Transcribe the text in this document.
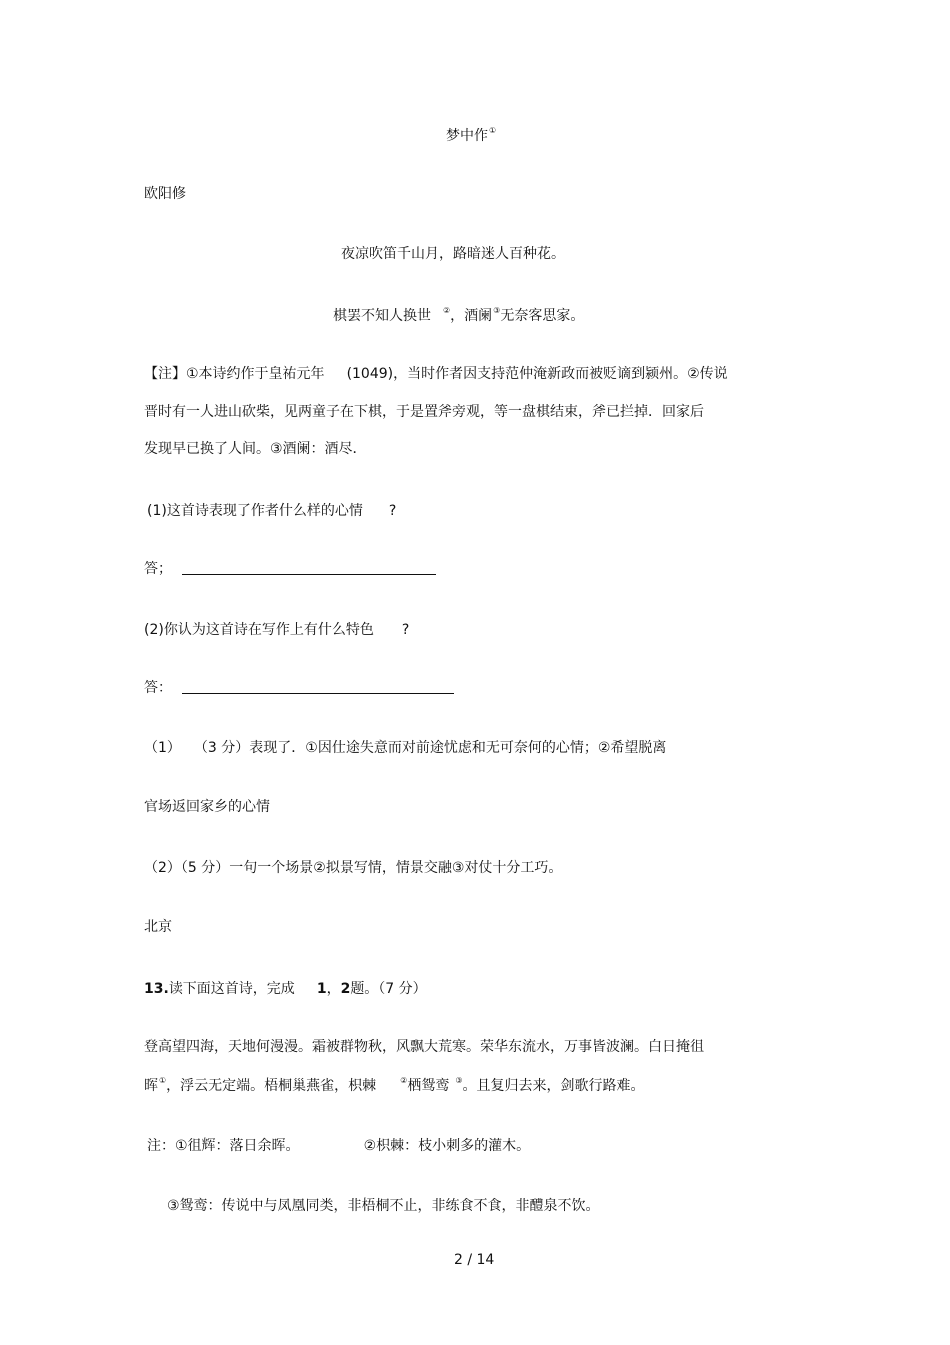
梦中作①
欧阳修
夜凉吹笛千山月，路暗迷人百种花。
棋罢不知人换世 ②，酒阑③无奈客思家。
【注】①本诗约作于皇祐元年 (1049)，当时作者因支持范仲淹新政而被贬谪到颍州。②传说
晋时有一人进山砍柴，见两童子在下棋，于是置斧旁观，等一盘棋结束，斧已拦掉．回家后
发现早已换了人间。③酒阑：酒尽．
(1)这首诗表现了作者什么样的心情 ?
答；
(2)你认为这首诗在写作上有什么特色 ?
答：
（1） （3 分）表现了．①因仕途失意而对前途忧虑和无可奈何的心情；②希望脱离
官场返回家乡的心情
（2）（5 分）一句一个场景②拟景写情，情景交融③对仗十分工巧。
北京
13.读下面这首诗，完成 1，2题。（7 分）
登高望四海，天地何漫漫。霜被群物秋，风飘大荒寒。荣华东流水，万事皆波澜。白日掩徂
晖①，浮云无定端。梧桐巢燕雀，枳棘	②栖鸳鸾 ③。且复归去来，剑歌行路难。
注：①徂辉：落日余晖。	②枳棘：枝小刺多的灌木。
③鸳鸾：传说中与凤凰同类，非梧桐不止，非练食不食，非醴泉不饮。
2 / 14
